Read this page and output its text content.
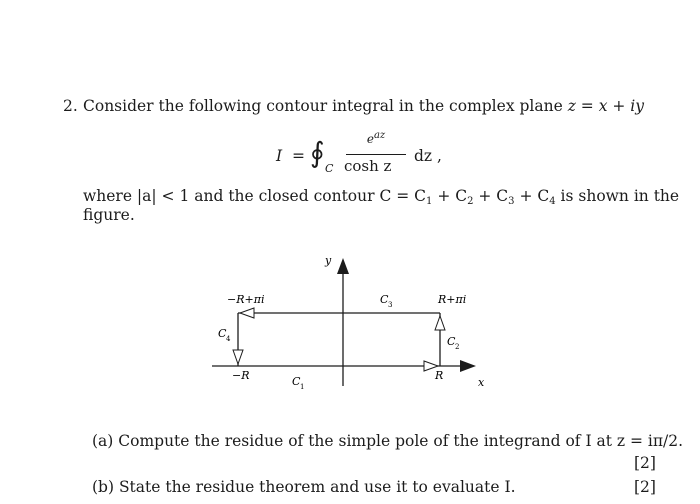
2. Consider the following contour integral in the complex plane z = x + iy
I = ∮ C
$e^{az}$
cosh z
dz ,
where |a| < 1 and the closed contour C = C1 + C2 + C3 + C4 is shown in the
figure.
y
x
−R+πi	R+πi
−R	R
C 1
C 2
C 3
C 4
(a) Compute the residue of the simple pole of the integrand of I at z = iπ/2.
[2]
(b) State the residue theorem and use it to evaluate I.	[2]
